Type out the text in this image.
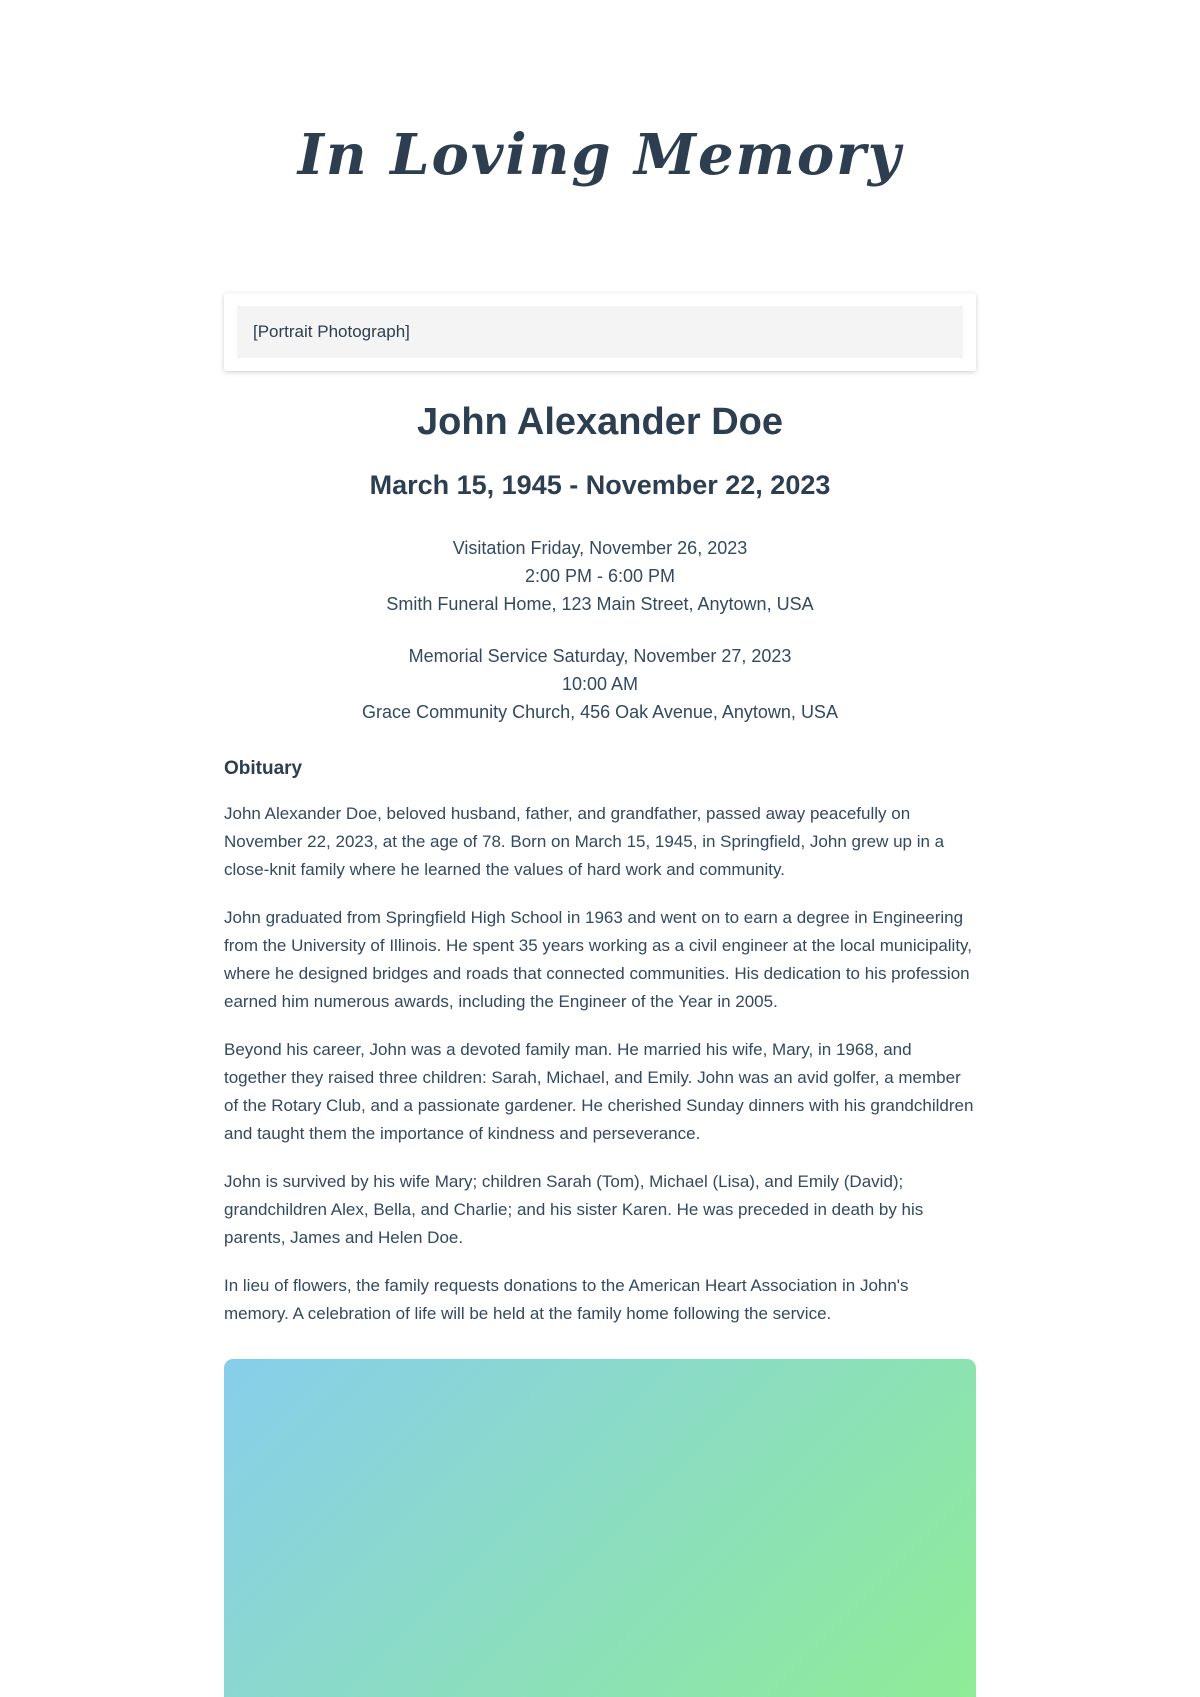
In Loving Memory
[Portrait Photograph]
John Alexander Doe
March 15, 1945 - November 22, 2023

Visitation Friday, November 26, 2023

2:00 PM - 6:00 PM

Smith Funeral Home, 123 Main Street, Anytown, USA

Memorial Service Saturday, November 27, 2023

10:00 AM

Grace Community Church, 456 Oak Avenue, Anytown, USA

Obituary

John Alexander Doe, beloved husband, father, and grandfather, passed away peacefully on November 22, 2023, at the age of 78. Born on March 15, 1945, in Springfield, John grew up in a close-knit family where he learned the values of hard work and community.

John graduated from Springfield High School in 1963 and went on to earn a degree in Engineering from the University of Illinois. He spent 35 years working as a civil engineer at the local municipality, where he designed bridges and roads that connected communities. His dedication to his profession earned him numerous awards, including the Engineer of the Year in 2005.

Beyond his career, John was a devoted family man. He married his wife, Mary, in 1968, and together they raised three children: Sarah, Michael, and Emily. John was an avid golfer, a member of the Rotary Club, and a passionate gardener. He cherished Sunday dinners with his grandchildren and taught them the importance of kindness and perseverance.

John is survived by his wife Mary; children Sarah (Tom), Michael (Lisa), and Emily (David); grandchildren Alex, Bella, and Charlie; and his sister Karen. He was preceded in death by his parents, James and Helen Doe.

In lieu of flowers, the family requests donations to the American Heart Association in John's memory. A celebration of life will be held at the family home following the service.
